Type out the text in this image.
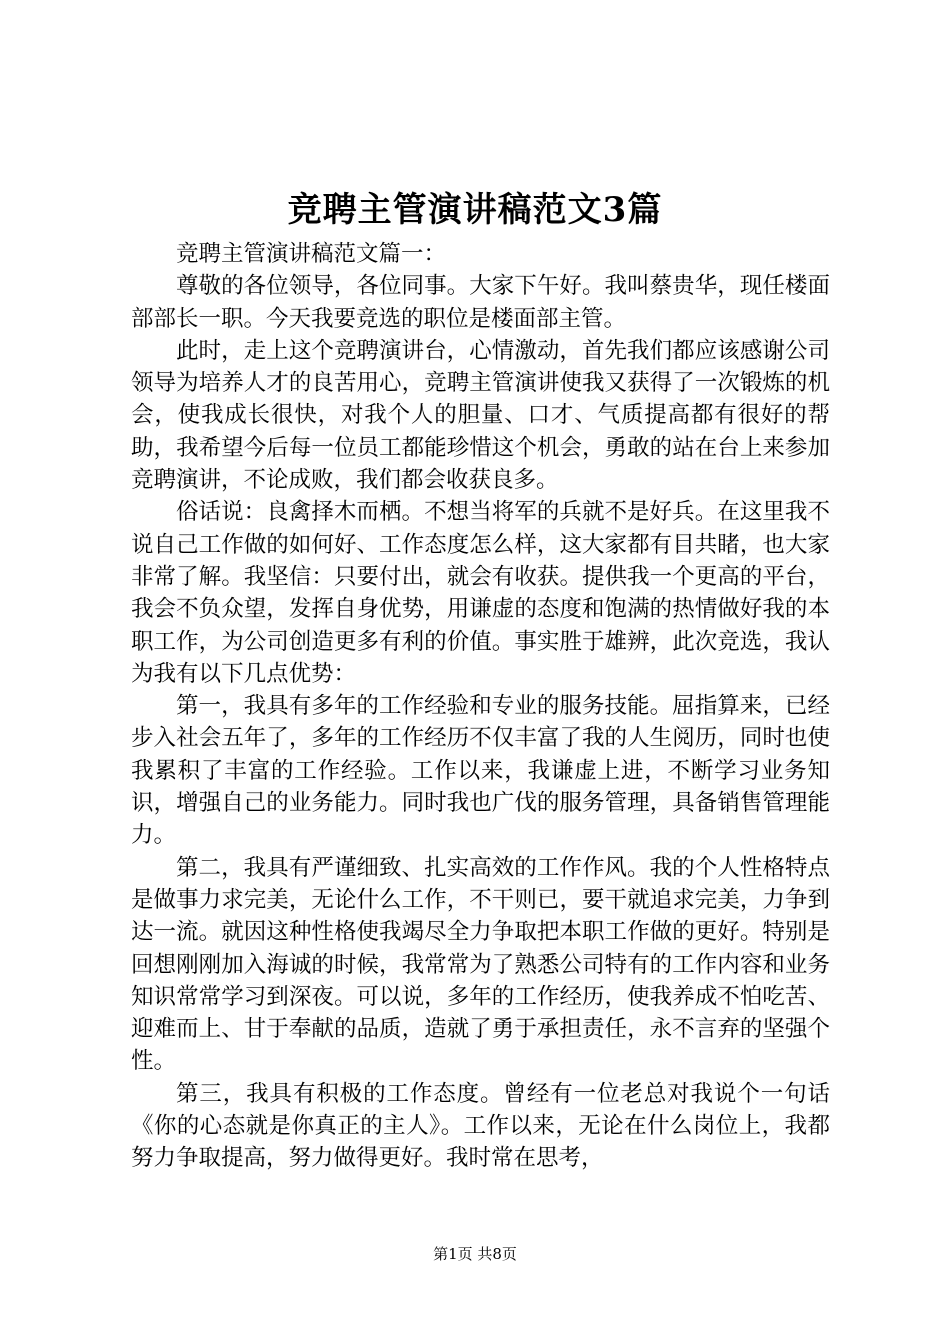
竞聘主管演讲稿范文3篇

竞聘主管演讲稿范文篇一：

尊敬的各位领导，各位同事。大家下午好。我叫蔡贵华，现任楼面部部长一职。今天我要竞选的职位是楼面部主管。

此时，走上这个竞聘演讲台，心情激动，首先我们都应该感谢公司领导为培养人才的良苦用心，竞聘主管演讲使我又获得了一次锻炼的机会，使我成长很快，对我个人的胆量、口才、气质提高都有很好的帮助，我希望今后每一位员工都能珍惜这个机会，勇敢的站在台上来参加竞聘演讲，不论成败，我们都会收获良多。

俗话说：良禽择木而栖。不想当将军的兵就不是好兵。在这里我不说自己工作做的如何好、工作态度怎么样，这大家都有目共睹，也大家非常了解。我坚信：只要付出，就会有收获。提供我一个更高的平台，我会不负众望，发挥自身优势，用谦虚的态度和饱满的热情做好我的本职工作，为公司创造更多有利的价值。事实胜于雄辨，此次竞选，我认为我有以下几点优势：

第一，我具有多年的工作经验和专业的服务技能。屈指算来，已经步入社会五年了，多年的工作经历不仅丰富了我的人生阅历，同时也使我累积了丰富的工作经验。工作以来，我谦虚上进，不断学习业务知识，增强自己的业务能力。同时我也广伐的服务管理，具备销售管理能力。

第二，我具有严谨细致、扎实高效的工作作风。我的个人性格特点是做事力求完美，无论什么工作，不干则已，要干就追求完美，力争到达一流。就因这种性格使我竭尽全力争取把本职工作做的更好。特别是回想刚刚加入海诚的时候，我常常为了熟悉公司特有的工作内容和业务知识常常学习到深夜。可以说，多年的工作经历，使我养成不怕吃苦、迎难而上、甘于奉献的品质，造就了勇于承担责任，永不言弃的坚强个性。

第三，我具有积极的工作态度。曾经有一位老总对我说个一句话《你的心态就是你真正的主人》。工作以来，无论在什么岗位上，我都努力争取提高，努力做得更好。我时常在思考，

第1页 共8页
